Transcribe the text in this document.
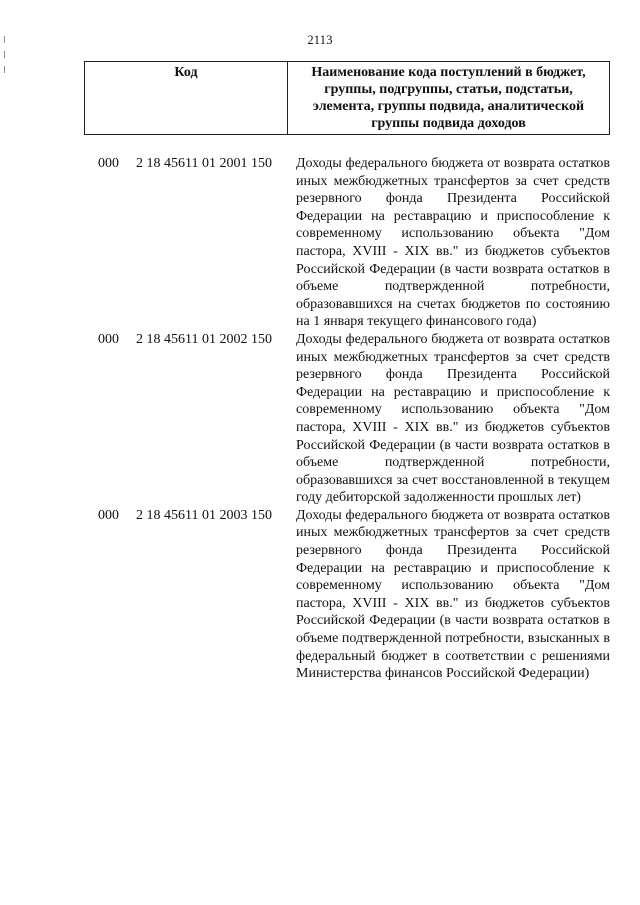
2113
Код	Наименование кода поступлений в бюджет, группы, подгруппы, статьи, подстатьи, элемента, группы подвида, аналитической группы подвида доходов
000	2 18 45611 01 2001 150	Доходы федерального бюджета от возврата остатков иных межбюджетных трансфертов за счет средств резервного фонда Президента Российской Федерации на реставрацию и приспособление к современному использованию объекта "Дом пастора, XVIII - XIX вв." из бюджетов субъектов Российской Федерации (в части возврата остатков в объеме подтвержденной потребности, образовавшихся на счетах бюджетов по состоянию на 1 января текущего финансового года)
000	2 18 45611 01 2002 150	Доходы федерального бюджета от возврата остатков иных межбюджетных трансфертов за счет средств резервного фонда Президента Российской Федерации на реставрацию и приспособление к современному использованию объекта "Дом пастора, XVIII - XIX вв." из бюджетов субъектов Российской Федерации (в части возврата остатков в объеме подтвержденной потребности, образовавшихся за счет восстановленной в текущем году дебиторской задолженности прошлых лет)
000	2 18 45611 01 2003 150	Доходы федерального бюджета от возврата остатков иных межбюджетных трансфертов за счет средств резервного фонда Президента Российской Федерации на реставрацию и приспособление к современному использованию объекта "Дом пастора, XVIII - XIX вв." из бюджетов субъектов Российской Федерации (в части возврата остатков в объеме подтвержденной потребности, взысканных в федеральный бюджет в соответствии с решениями Министерства финансов Российской Федерации)
